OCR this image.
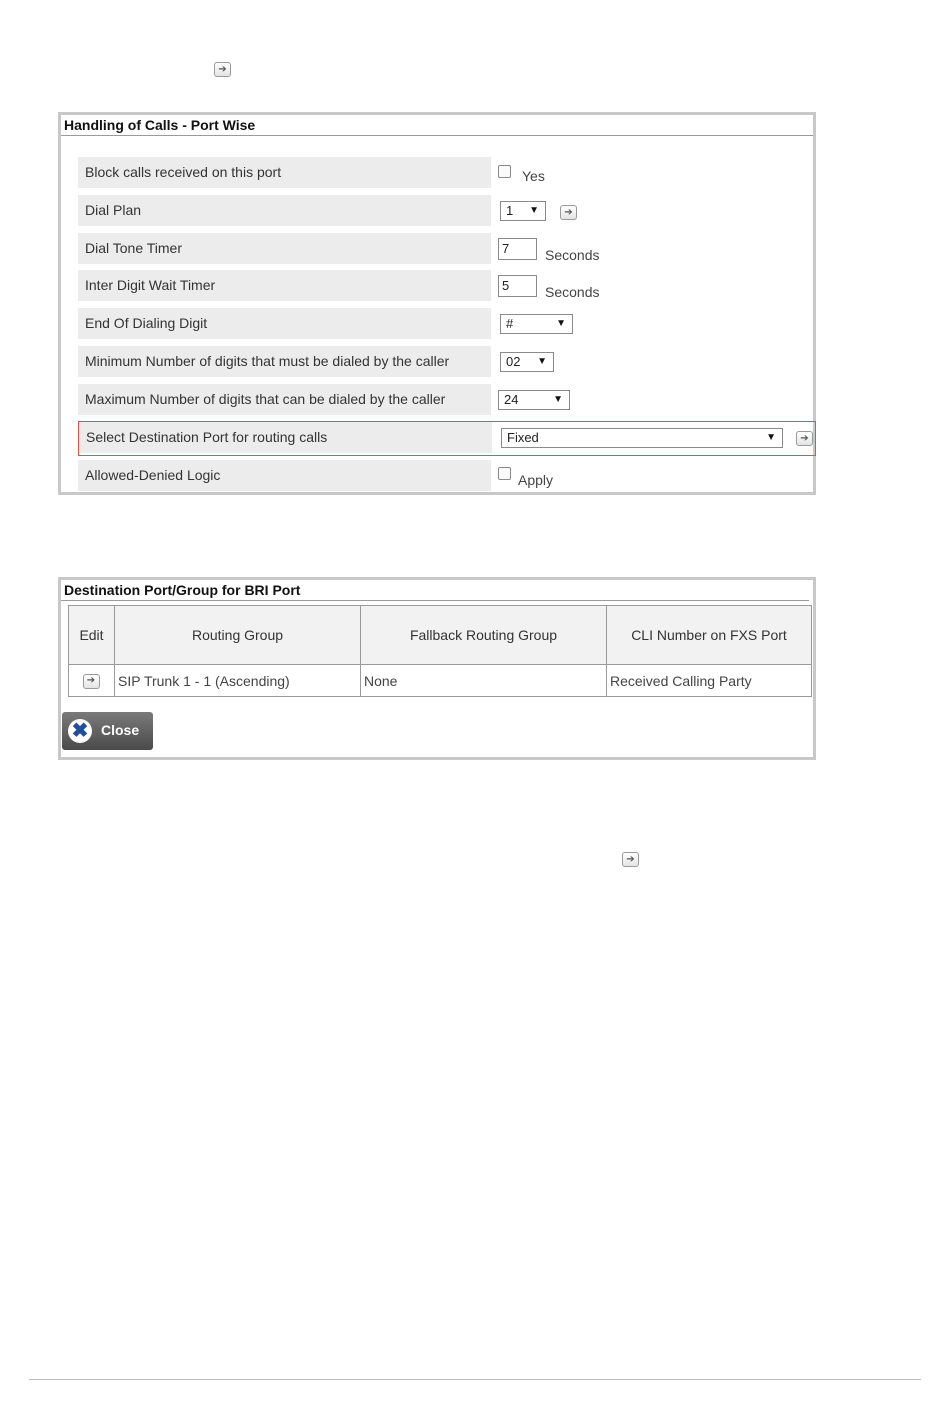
➔
Handling of Calls - Port Wise
Block calls received on this port	Yes
Dial Plan	1 ▼	➔
Dial Tone Timer	7	Seconds
Inter Digit Wait Timer	5	Seconds
End Of Dialing Digit	#	▼
Minimum Number of digits that must be dialed by the caller	02 ▼
Maximum Number of digits that can be dialed by the caller	24	▼
Select Destination Port for routing calls	Fixed	▼	➔
Allowed-Denied Logic	Apply
Destination Port/Group for BRI Port
Edit	Routing Group	Fallback Routing Group	CLI Number on FXS Port
➔	SIP Trunk 1 - 1 (Ascending)	None	Received Calling Party
✖ Close
➔
